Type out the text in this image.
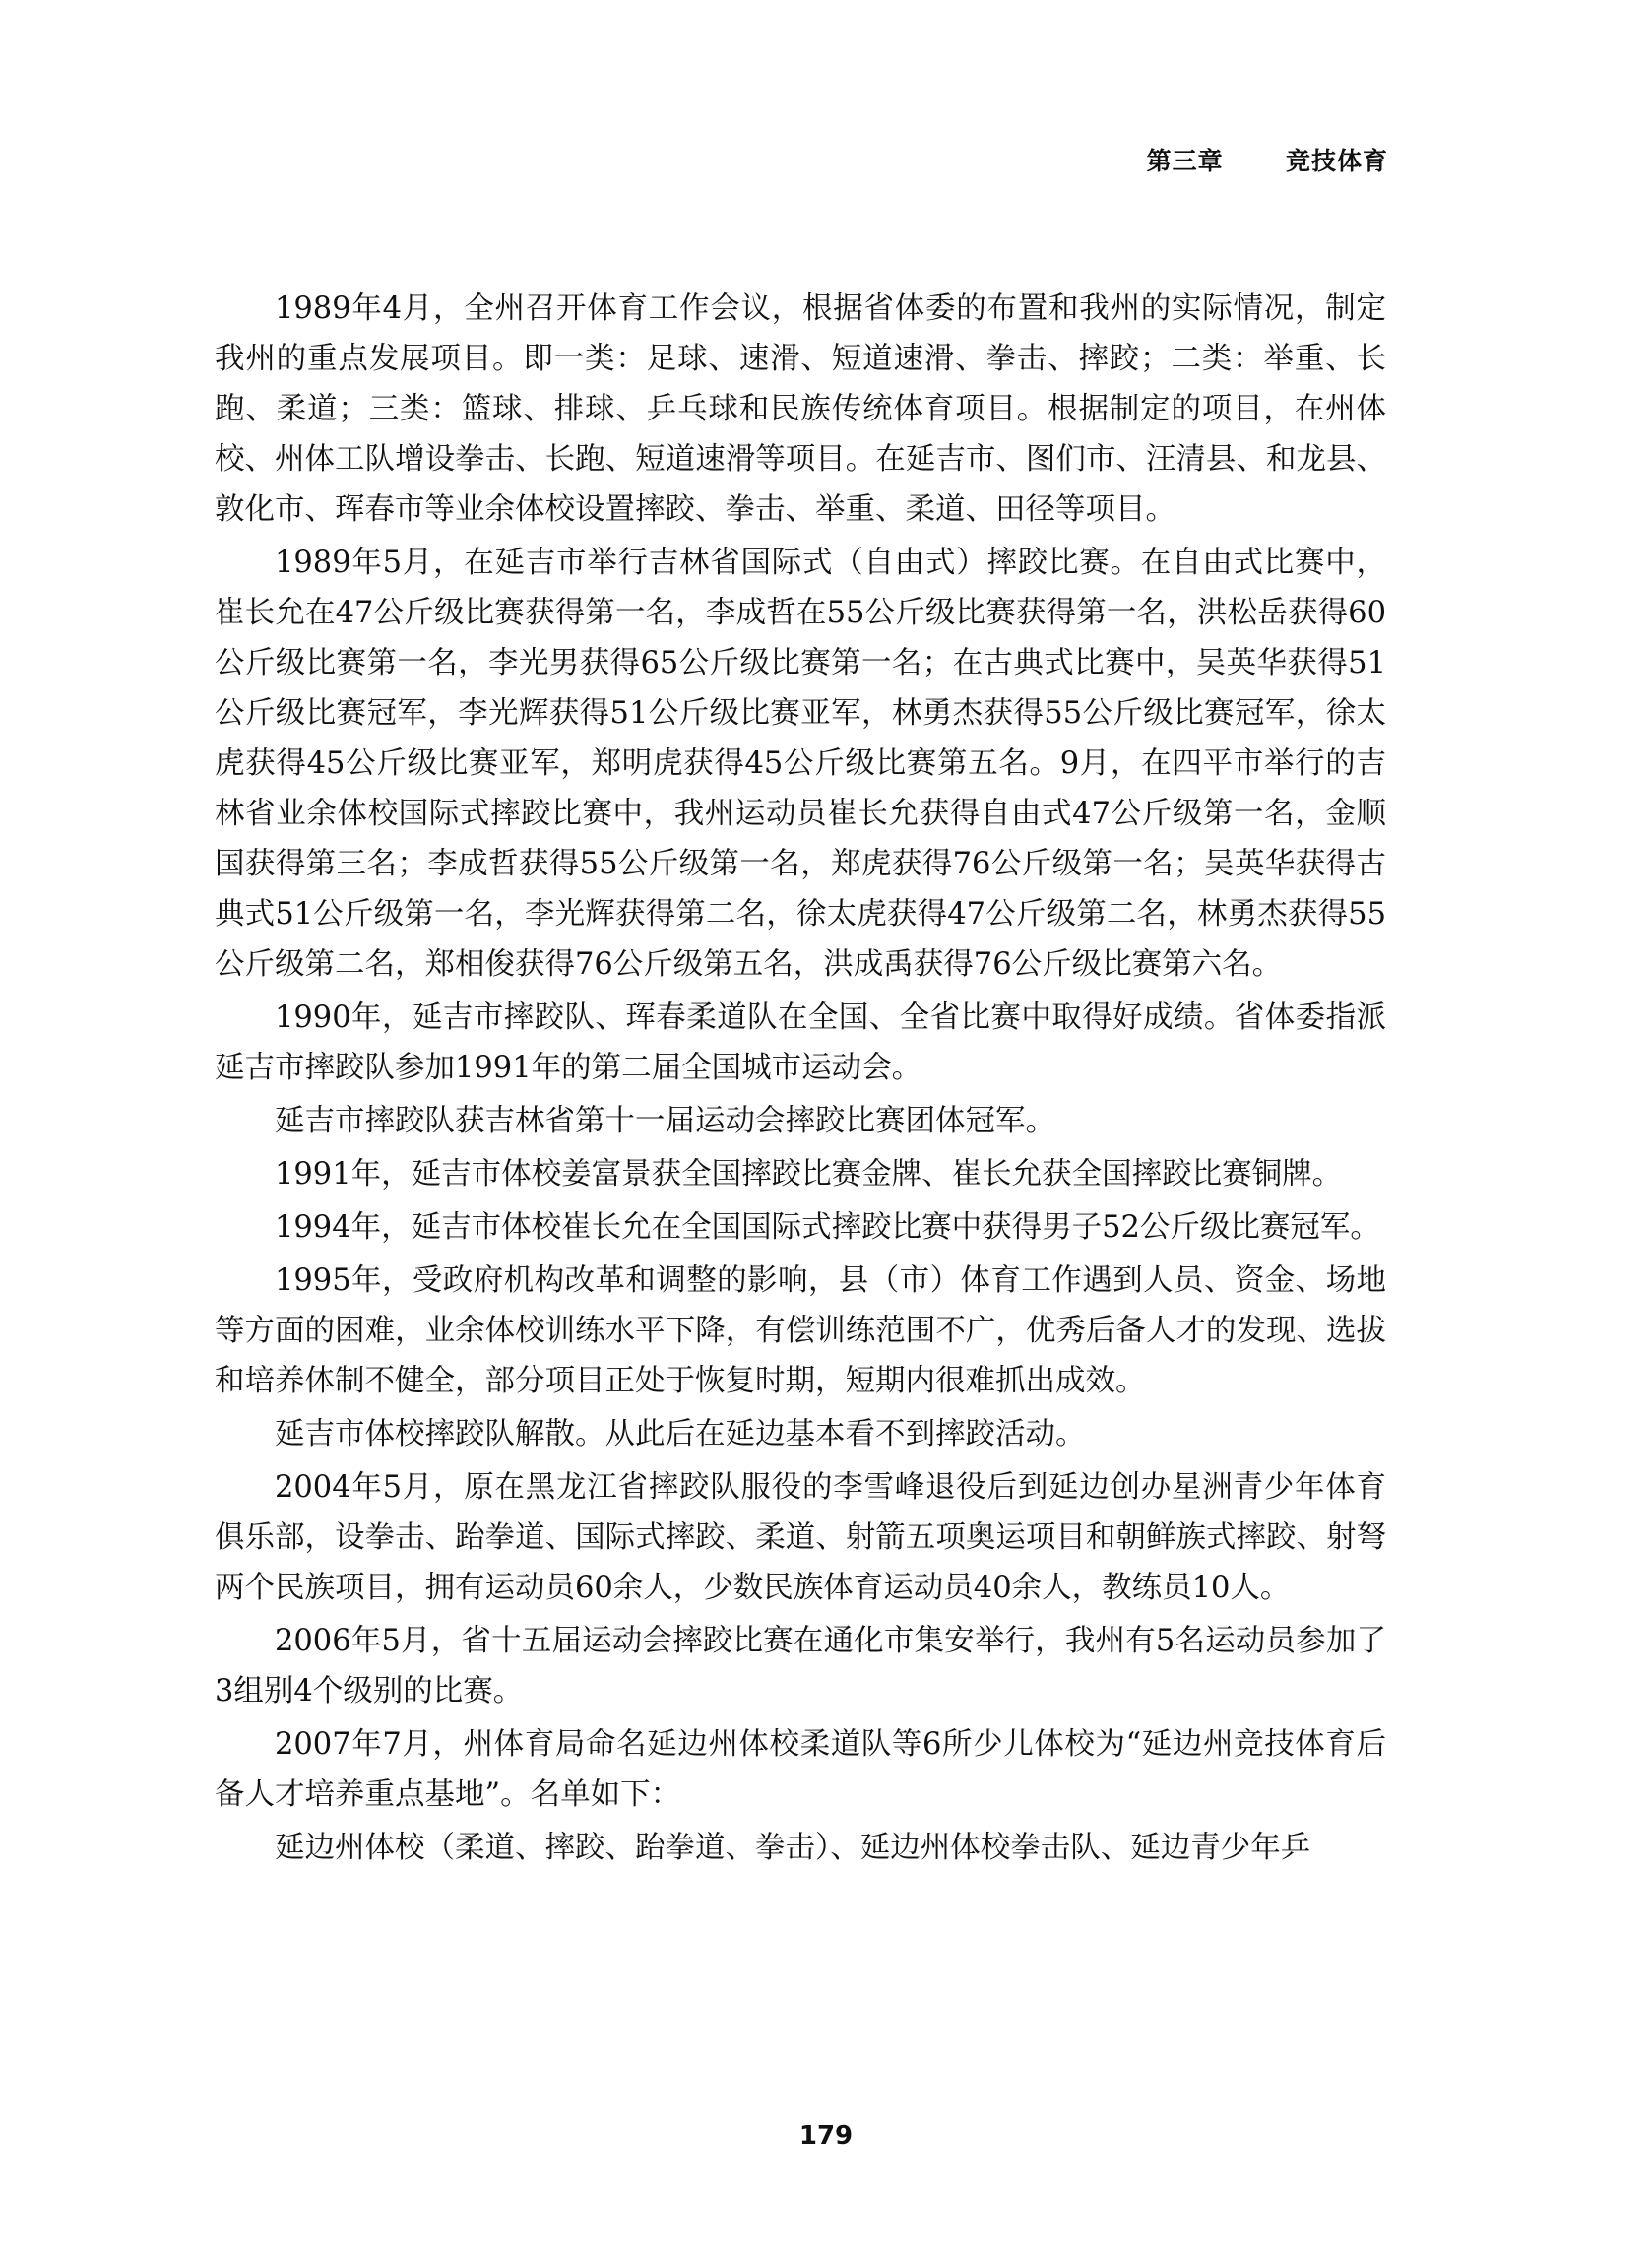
第三章  竞技体育

1989年4月，全州召开体育工作会议，根据省体委的布置和我州的实际情况，制定我州的重点发展项目。即一类：足球、速滑、短道速滑、拳击、摔跤；二类：举重、长跑、柔道；三类：篮球、排球、乒乓球和民族传统体育项目。根据制定的项目，在州体校、州体工队增设拳击、长跑、短道速滑等项目。在延吉市、图们市、汪清县、和龙县、敦化市、珲春市等业余体校设置摔跤、拳击、举重、柔道、田径等项目。

1989年5月，在延吉市举行吉林省国际式（自由式）摔跤比赛。在自由式比赛中，崔长允在47公斤级比赛获得第一名，李成哲在55公斤级比赛获得第一名，洪松岳获得60公斤级比赛第一名，李光男获得65公斤级比赛第一名；在古典式比赛中，吴英华获得51公斤级比赛冠军，李光辉获得51公斤级比赛亚军，林勇杰获得55公斤级比赛冠军，徐太虎获得45公斤级比赛亚军，郑明虎获得45公斤级比赛第五名。9月，在四平市举行的吉林省业余体校国际式摔跤比赛中，我州运动员崔长允获得自由式47公斤级第一名，金顺国获得第三名；李成哲获得55公斤级第一名，郑虎获得76公斤级第一名；吴英华获得古典式51公斤级第一名，李光辉获得第二名，徐太虎获得47公斤级第二名，林勇杰获得55公斤级第二名，郑相俊获得76公斤级第五名，洪成禹获得76公斤级比赛第六名。

1990年，延吉市摔跤队、珲春柔道队在全国、全省比赛中取得好成绩。省体委指派延吉市摔跤队参加1991年的第二届全国城市运动会。

延吉市摔跤队获吉林省第十一届运动会摔跤比赛团体冠军。

1991年，延吉市体校姜富景获全国摔跤比赛金牌、崔长允获全国摔跤比赛铜牌。

1994年，延吉市体校崔长允在全国国际式摔跤比赛中获得男子52公斤级比赛冠军。

1995年，受政府机构改革和调整的影响，县（市）体育工作遇到人员、资金、场地等方面的困难，业余体校训练水平下降，有偿训练范围不广，优秀后备人才的发现、选拔和培养体制不健全，部分项目正处于恢复时期，短期内很难抓出成效。

延吉市体校摔跤队解散。从此后在延边基本看不到摔跤活动。

2004年5月，原在黑龙江省摔跤队服役的李雪峰退役后到延边创办星洲青少年体育俱乐部，设拳击、跆拳道、国际式摔跤、柔道、射箭五项奥运项目和朝鲜族式摔跤、射弩两个民族项目，拥有运动员60余人，少数民族体育运动员40余人，教练员10人。

2006年5月，省十五届运动会摔跤比赛在通化市集安举行，我州有5名运动员参加了3组别4个级别的比赛。

2007年7月，州体育局命名延边州体校柔道队等6所少儿体校为“延边州竞技体育后备人才培养重点基地”。名单如下：

延边州体校（柔道、摔跤、跆拳道、拳击）、延边州体校拳击队、延边青少年乒

179
